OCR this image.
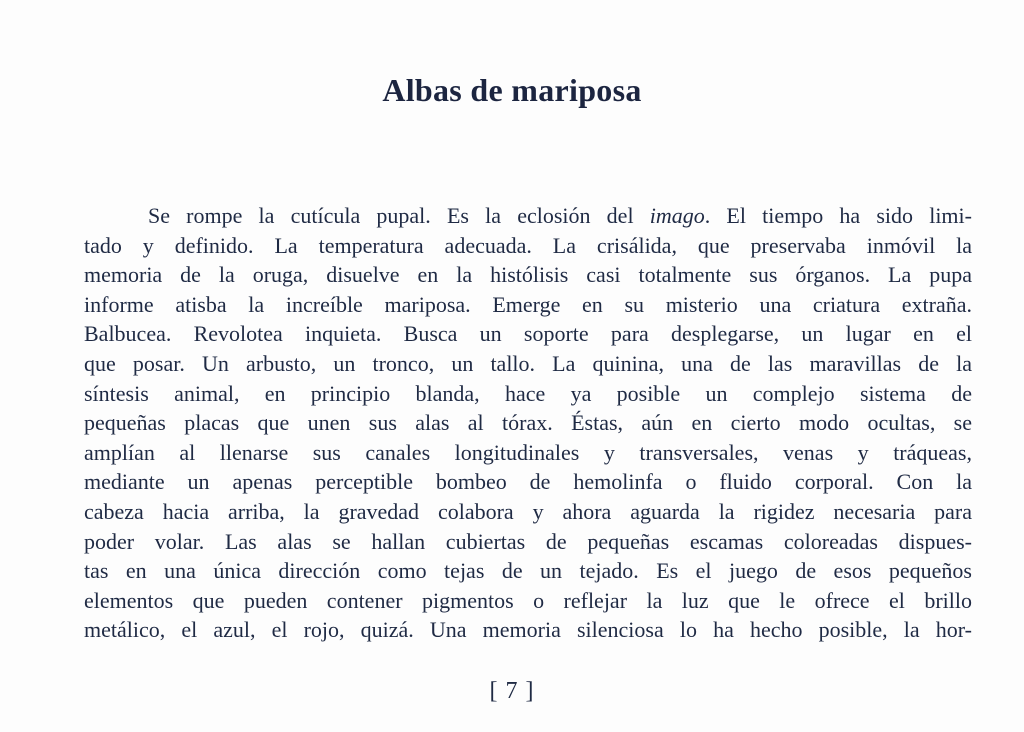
Albas de mariposa
Se rompe la cutícula pupal. Es la eclosión del imago. El tiempo ha sido limi-
tado y definido. La temperatura adecuada. La crisálida, que preservaba inmóvil la
memoria de la oruga, disuelve en la histólisis casi totalmente sus órganos. La pupa
informe atisba la increíble mariposa. Emerge en su misterio una criatura extraña.
Balbucea. Revolotea inquieta. Busca un soporte para desplegarse, un lugar en el
que posar. Un arbusto, un tronco, un tallo. La quinina, una de las maravillas de la
síntesis animal, en principio blanda, hace ya posible un complejo sistema de
pequeñas placas que unen sus alas al tórax. Éstas, aún en cierto modo ocultas, se
amplían al llenarse sus canales longitudinales y transversales, venas y tráqueas,
mediante un apenas perceptible bombeo de hemolinfa o fluido corporal. Con la
cabeza hacia arriba, la gravedad colabora y ahora aguarda la rigidez necesaria para
poder volar. Las alas se hallan cubiertas de pequeñas escamas coloreadas dispues-
tas en una única dirección como tejas de un tejado. Es el juego de esos pequeños
elementos que pueden contener pigmentos o reflejar la luz que le ofrece el brillo
metálico, el azul, el rojo, quizá. Una memoria silenciosa lo ha hecho posible, la hor-
[ 7 ]
